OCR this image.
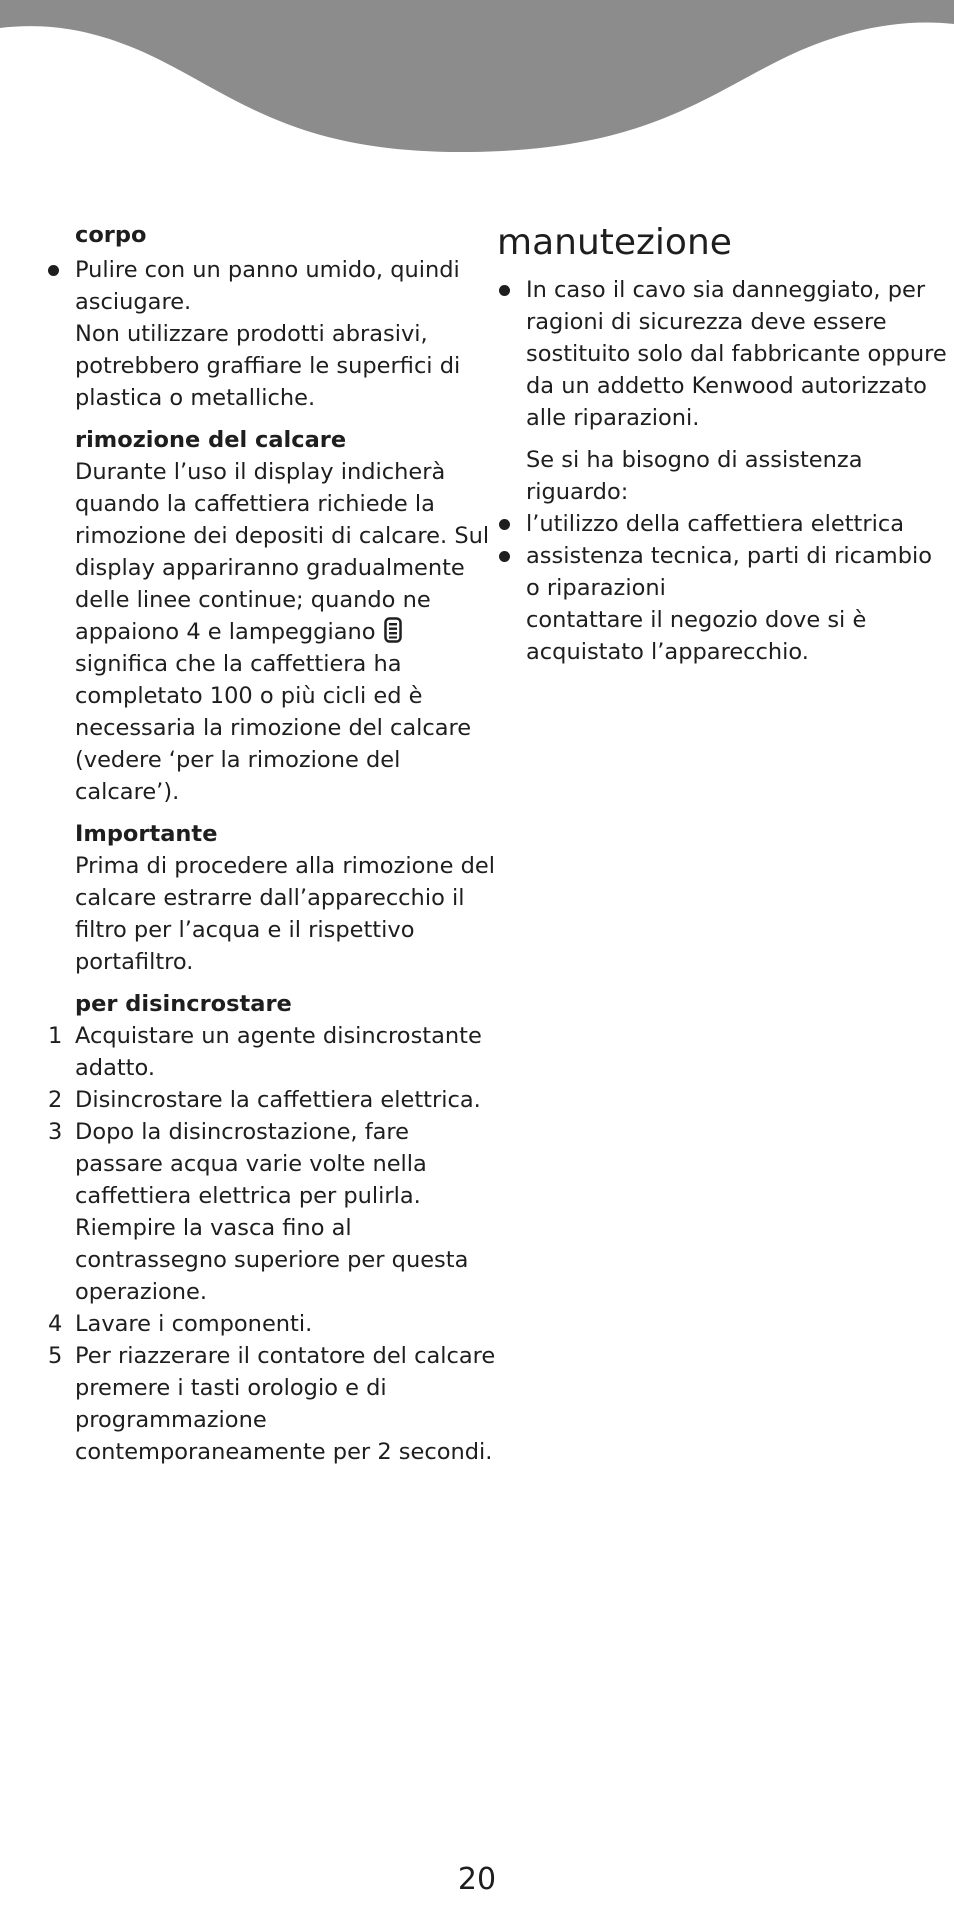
corpo
Pulire con un panno umido, quindi
asciugare.
Non utilizzare prodotti abrasivi,
potrebbero graffiare le superfici di
plastica o metalliche.
rimozione del calcare
Durante l’uso il display indicherà
quando la caffettiera richiede la
rimozione dei depositi di calcare. Sul
display appariranno gradualmente
delle linee continue; quando ne
appaiono 4 e lampeggiano
significa che la caffettiera ha
completato 100 o più cicli ed è
necessaria la rimozione del calcare
(vedere ‘per la rimozione del
calcare’).
Importante
Prima di procedere alla rimozione del
calcare estrarre dall’apparecchio il
filtro per l’acqua e il rispettivo
portafiltro.
per disincrostare
1 Acquistare un agente disincrostante
adatto.
2 Disincrostare la caffettiera elettrica.
3 Dopo la disincrostazione, fare
passare acqua varie volte nella
caffettiera elettrica per pulirla.
Riempire la vasca fino al
contrassegno superiore per questa
operazione.
4 Lavare i componenti.
5 Per riazzerare il contatore del calcare
premere i tasti orologio e di
programmazione
contemporaneamente per 2 secondi.
manutezione
In caso il cavo sia danneggiato, per
ragioni di sicurezza deve essere
sostituito solo dal fabbricante oppure
da un addetto Kenwood autorizzato
alle riparazioni.
Se si ha bisogno di assistenza
riguardo:
l’utilizzo della caffettiera elettrica
assistenza tecnica, parti di ricambio
o riparazioni
contattare il negozio dove si è
acquistato l’apparecchio.
20
